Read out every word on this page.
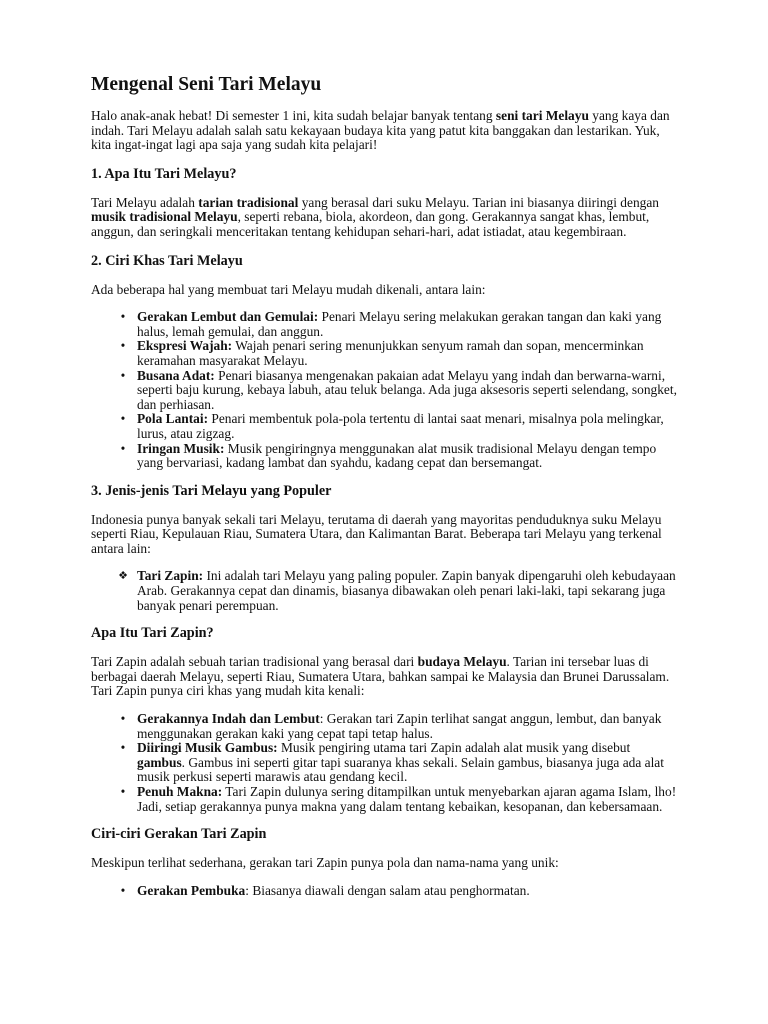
Mengenal Seni Tari Melayu

Halo anak-anak hebat! Di semester 1 ini, kita sudah belajar banyak tentang seni tari Melayu yang kaya dan indah. Tari Melayu adalah salah satu kekayaan budaya kita yang patut kita banggakan dan lestarikan. Yuk, kita ingat-ingat lagi apa saja yang sudah kita pelajari!

1. Apa Itu Tari Melayu?

Tari Melayu adalah tarian tradisional yang berasal dari suku Melayu. Tarian ini biasanya diiringi dengan musik tradisional Melayu, seperti rebana, biola, akordeon, dan gong. Gerakannya sangat khas, lembut, anggun, dan seringkali menceritakan tentang kehidupan sehari-hari, adat istiadat, atau kegembiraan.

2. Ciri Khas Tari Melayu

Ada beberapa hal yang membuat tari Melayu mudah dikenali, antara lain:

• Gerakan Lembut dan Gemulai: Penari Melayu sering melakukan gerakan tangan dan kaki yang halus, lemah gemulai, dan anggun.
• Ekspresi Wajah: Wajah penari sering menunjukkan senyum ramah dan sopan, mencerminkan keramahan masyarakat Melayu.
• Busana Adat: Penari biasanya mengenakan pakaian adat Melayu yang indah dan berwarna-warni, seperti baju kurung, kebaya labuh, atau teluk belanga. Ada juga aksesoris seperti selendang, songket, dan perhiasan.
• Pola Lantai: Penari membentuk pola-pola tertentu di lantai saat menari, misalnya pola melingkar, lurus, atau zigzag.
• Iringan Musik: Musik pengiringnya menggunakan alat musik tradisional Melayu dengan tempo yang bervariasi, kadang lambat dan syahdu, kadang cepat dan bersemangat.
3. Jenis-jenis Tari Melayu yang Populer

Indonesia punya banyak sekali tari Melayu, terutama di daerah yang mayoritas penduduknya suku Melayu seperti Riau, Kepulauan Riau, Sumatera Utara, dan Kalimantan Barat. Beberapa tari Melayu yang terkenal antara lain:

❖ Tari Zapin: Ini adalah tari Melayu yang paling populer. Zapin banyak dipengaruhi oleh kebudayaan Arab. Gerakannya cepat dan dinamis, biasanya dibawakan oleh penari laki-laki, tapi sekarang juga banyak penari perempuan.
Apa Itu Tari Zapin?

Tari Zapin adalah sebuah tarian tradisional yang berasal dari budaya Melayu. Tarian ini tersebar luas di berbagai daerah Melayu, seperti Riau, Sumatera Utara, bahkan sampai ke Malaysia dan Brunei Darussalam. Tari Zapin punya ciri khas yang mudah kita kenali:

• Gerakannya Indah dan Lembut: Gerakan tari Zapin terlihat sangat anggun, lembut, dan banyak menggunakan gerakan kaki yang cepat tapi tetap halus.
• Diiringi Musik Gambus: Musik pengiring utama tari Zapin adalah alat musik yang disebut gambus. Gambus ini seperti gitar tapi suaranya khas sekali. Selain gambus, biasanya juga ada alat musik perkusi seperti marawis atau gendang kecil.
• Penuh Makna: Tari Zapin dulunya sering ditampilkan untuk menyebarkan ajaran agama Islam, lho! Jadi, setiap gerakannya punya makna yang dalam tentang kebaikan, kesopanan, dan kebersamaan.
Ciri-ciri Gerakan Tari Zapin

Meskipun terlihat sederhana, gerakan tari Zapin punya pola dan nama-nama yang unik:

• Gerakan Pembuka: Biasanya diawali dengan salam atau penghormatan.
